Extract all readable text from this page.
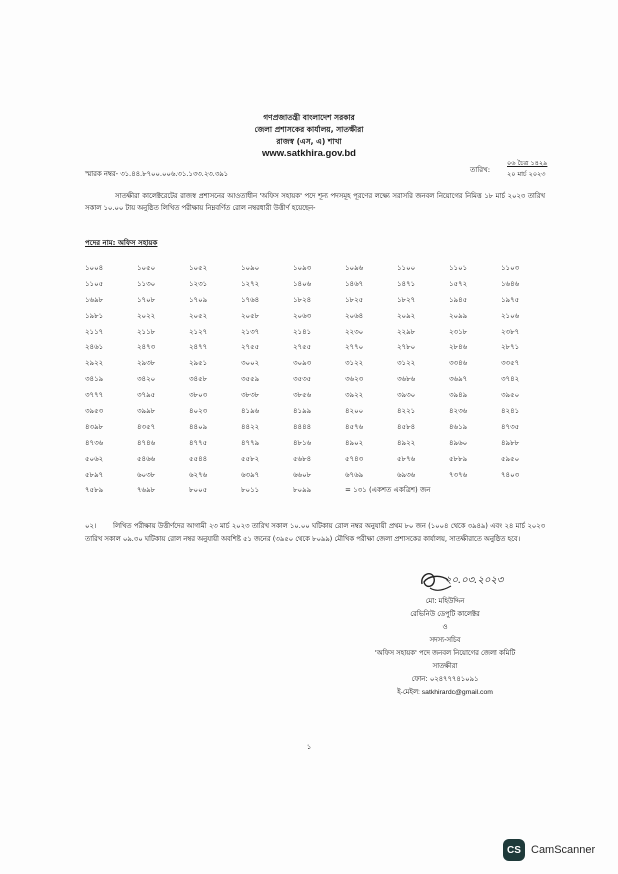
গণপ্রজাতন্ত্রী বাংলাদেশ সরকার
জেলা প্রশাসকের কার্যালয়, সাতক্ষীরা
রাজস্ব (এস, এ) শাখা
www.satkhira.gov.bd
স্মারক নম্বর- ৩১.৪৪.৮৭০০.০০৬.৩১.১৩৩.২৩.৩৯১	তারিখ:
০৬ চৈত্র ১৪২৯
২০ মার্চ ২০২৩
সাতক্ষীরা কালেক্টরেটের রাজস্ব প্রশাসনের আওতাধীন 'অফিস সহায়ক' পদে শূন্য পদসমূহ পূরণের লক্ষ্যে সরাসরি জনবল নিয়োগের নিমিত্ত ১৮ মার্চ ২০২৩ তারিখ সকাল ১০.০০ টায় অনুষ্ঠিত লিখিত পরীক্ষায় নিম্নবর্ণিত রোল নম্বরধারী উত্তীর্ণ হয়েছেন-
পদের নাম: অফিস সহায়ক
১০০৪	১০৫০	১০৫২	১০৯০	১০৯৩	১০৯৬	১১০০	১১০১	১১০৩
১১০৫	১১৩০	১২৩১	১২৭২	১৪০৬	১৪৬৭	১৪৭১	১৫৭২	১৬৪৬
১৬৯৮	১৭০৮	১৭০৯	১৭৬৪	১৮২৪	১৮২৫	১৮২৭	১৯৪৫	১৯৭৫
১৯৮১	২০২২	২০৫২	২০৫৮	২০৬৩	২০৬৪	২০৯২	২০৯৯	২১০৬
২১১৭	২১১৮	২১২৭	২১৩৭	২১৪১	২২৩০	২২৯৮	২৩১৮	২৩৮৭
২৪৬১	২৪৭৩	২৪৭৭	২৭৫৫	২৭৫৫	২৭৭০	২৭৮০	২৮৪৬	২৮৭১
২৯২২	২৯৩৮	২৯৫১	৩০০২	৩০৯৩	৩১২২	৩১২২	৩৩৪৬	৩৩৫৭
৩৪১৯	৩৪২০	৩৪৫৮	৩৫৫৯	৩৫৩৫	৩৬২৩	৩৬৮৬	৩৬৯৭	৩৭৪২
৩৭৭৭	৩৭৯৫	৩৮০৩	৩৮৩৮	৩৮৫৬	৩৯২২	৩৯৩০	৩৯৪৯	৩৯৫০
৩৯৫৩	৩৯৯৮	৪০২৩	৪১৯৬	৪১৯৯	৪২০০	৪২২১	৪২৩৬	৪২৪১
৪৩৯৮	৪৩৫৭	৪৪০৯	৪৪২২	৪৪৪৪	৪৫৭৬	৪৫৮৪	৪৬১৯	৪৭৩৫
৪৭৩৬	৪৭৪৬	৪৭৭৫	৪৭৭৯	৪৮১৬	৪৯০২	৪৯২২	৪৯৬০	৪৯৮৮
৫০৬২	৫৪৬৬	৫৫৪৪	৫৫৮২	৫৬৮৪	৫৭৪৩	৫৮৭৬	৫৮৮৯	৫৯৫০
৫৮৯৭	৬০৩৮	৬২৭৬	৬৩৯৭	৬৬০৮	৬৭৬৯	৬৯৩৬	৭৩৭৬	৭৪০৩
৭৫৮৯	৭৬৯৮	৮০০৫	৮০১১	৮০৯৯	= ১৩১ (একশত একত্রিশ) জন
০২। লিখিত পরীক্ষায় উত্তীর্ণদের আগামী ২৩ মার্চ ২০২৩ তারিখ সকাল ১০.০০ ঘটিকায় রোল নম্বর অনুযায়ী প্রথম ৮০ জন (১০০৪ থেকে ৩৯৪৯) এবং ২৪ মার্চ ২০২৩ তারিখ সকাল ০৯.৩০ ঘটিকায় রোল নম্বর অনুযায়ী অবশিষ্ট ৫১ জনের (৩৯৫০ থেকে ৮০৯৯) মৌখিক পরীক্ষা জেলা প্রশাসকের কার্যালয়, সাতক্ষীরাতে অনুষ্ঠিত হবে।
২০.০৩.২০২৩
মো: মহিউদ্দিন
রেভিনিউ ডেপুটি কালেক্টর
ও
সদস্য-সচিব
'অফিস সহায়ক' পদে জনবল নিয়োগের জেলা কমিটি
সাতক্ষীরা
ফোন: ০২৪৭৭৭৪১০৯১
ই-মেইল: satkhirardc@gmail.com
১
CS CamScanner
